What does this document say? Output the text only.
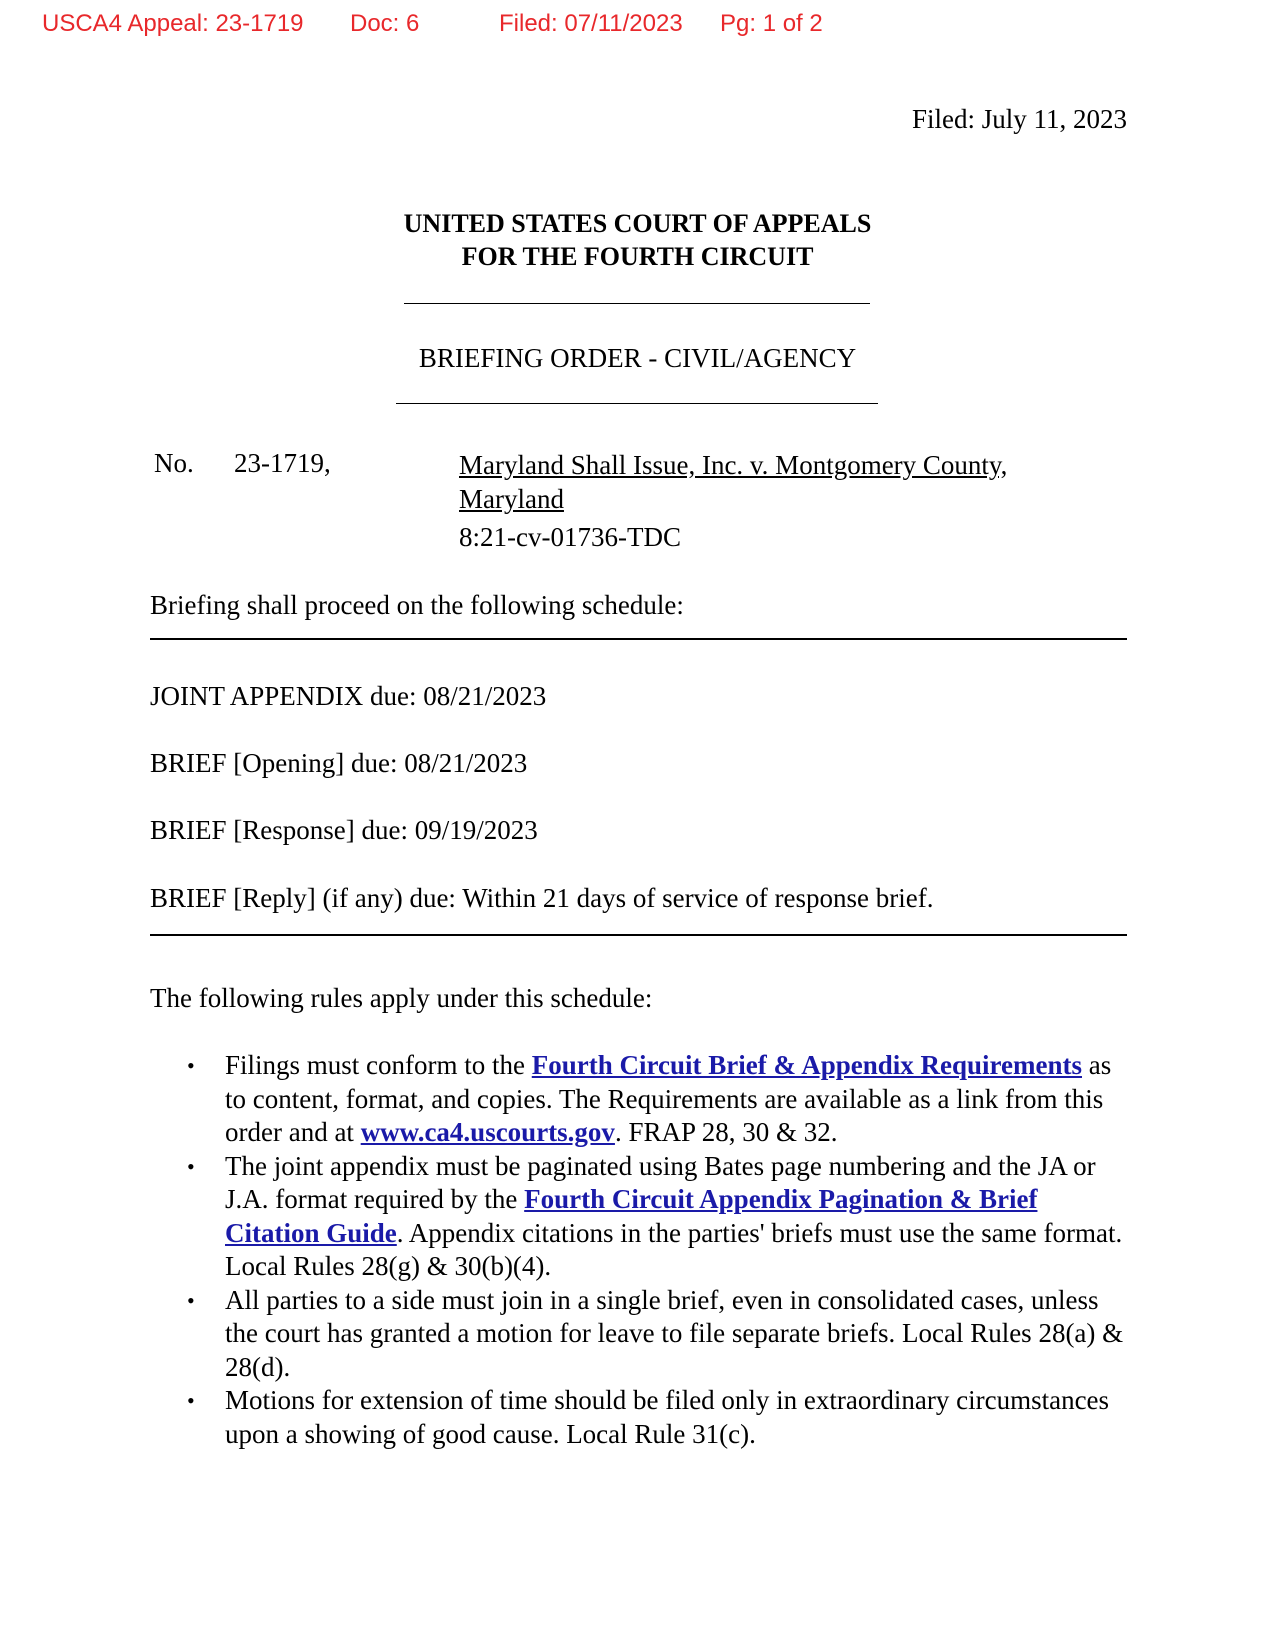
USCA4 Appeal: 23-1719 Doc: 6	Filed: 07/11/2023 Pg: 1 of 2
Filed: July 11, 2023
UNITED STATES COURT OF APPEALS
FOR THE FOURTH CIRCUIT
BRIEFING ORDER - CIVIL/AGENCY
No. 23-1719,	Maryland Shall Issue, Inc. v. Montgomery County, Maryland
8:21-cv-01736-TDC
Briefing shall proceed on the following schedule:
JOINT APPENDIX due: 08/21/2023
BRIEF [Opening] due: 08/21/2023
BRIEF [Response] due: 09/19/2023
BRIEF [Reply] (if any) due: Within 21 days of service of response brief.
The following rules apply under this schedule:
• Filings must conform to the Fourth Circuit Brief & Appendix Requirements as to content, format, and copies. The Requirements are available as a link from this order and at www.ca4.uscourts.gov. FRAP 28, 30 & 32.
• The joint appendix must be paginated using Bates page numbering and the JA or J.A. format required by the Fourth Circuit Appendix Pagination & Brief Citation Guide. Appendix citations in the parties' briefs must use the same format. Local Rules 28(g) & 30(b)(4).
• All parties to a side must join in a single brief, even in consolidated cases, unless the court has granted a motion for leave to file separate briefs. Local Rules 28(a) & 28(d).
• Motions for extension of time should be filed only in extraordinary circumstances upon a showing of good cause. Local Rule 31(c).
